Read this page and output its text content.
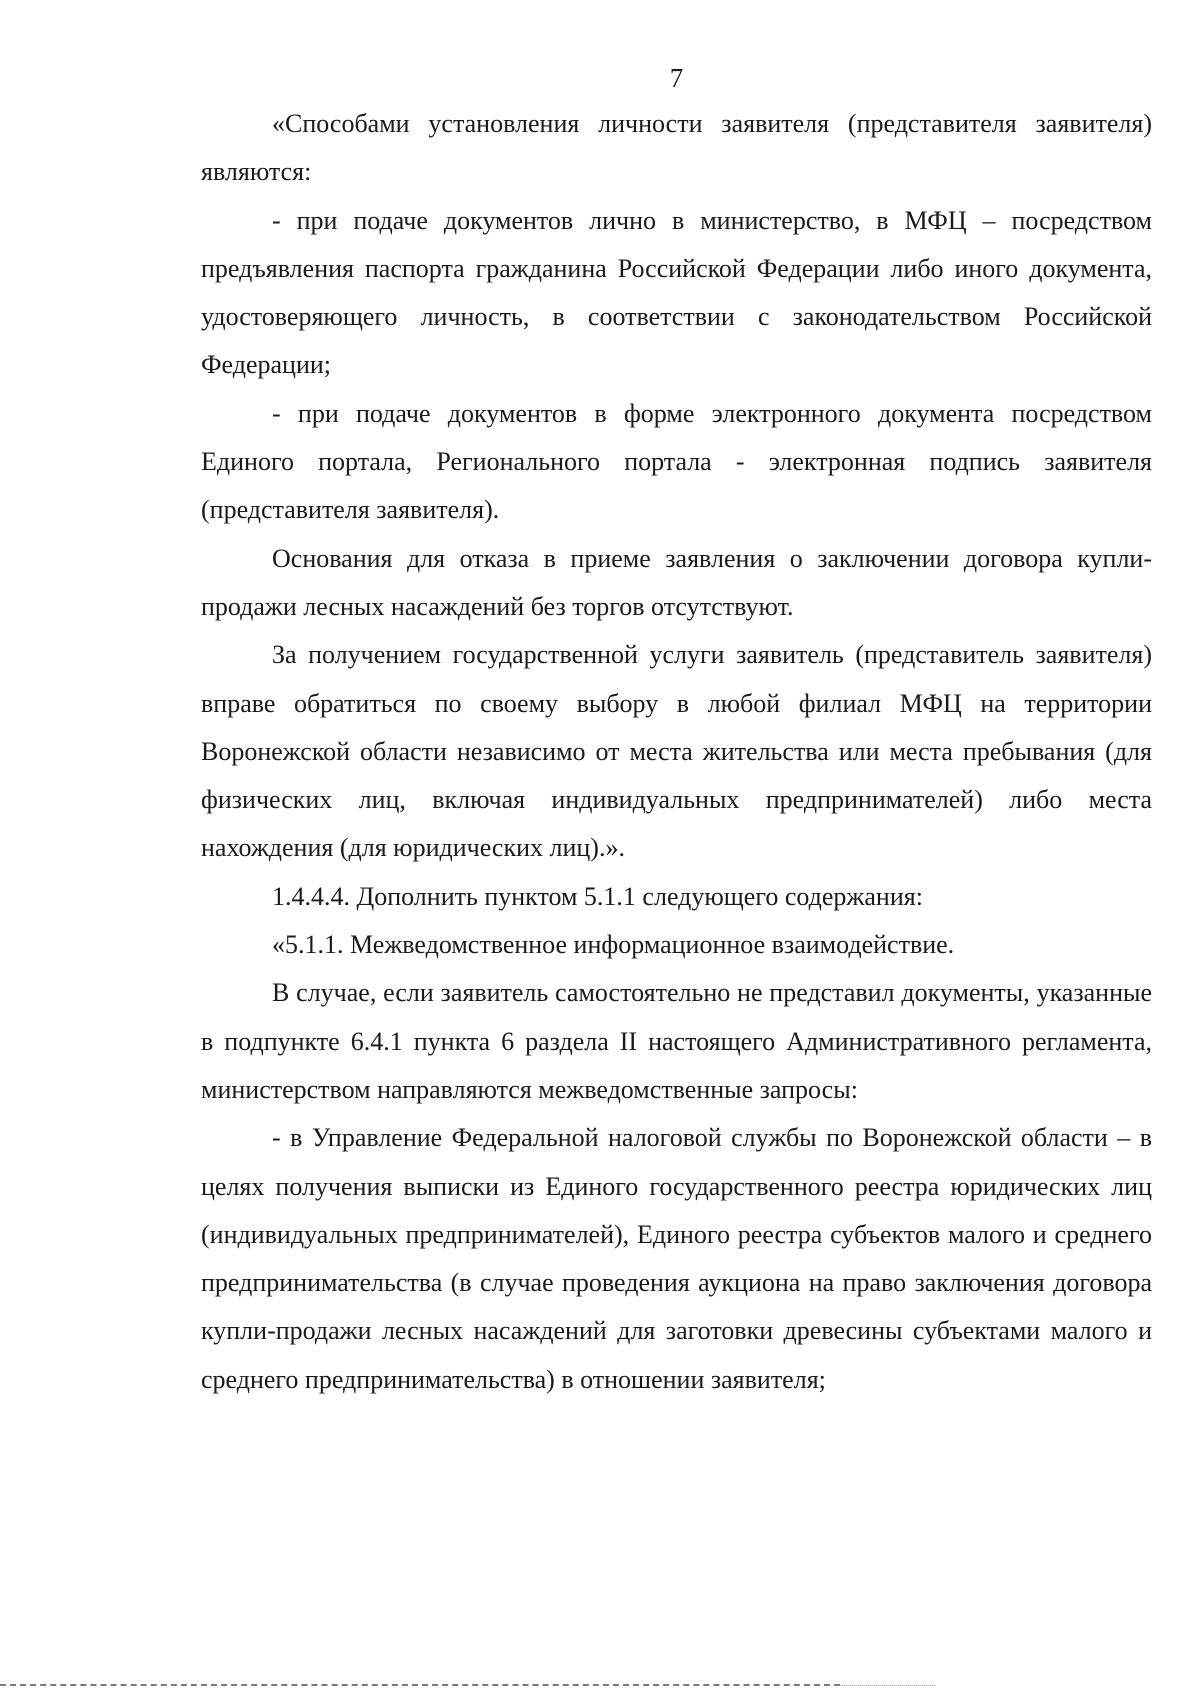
7

«Способами установления личности заявителя (представителя заявителя) являются:

- при подаче документов лично в министерство, в МФЦ – посредством предъявления паспорта гражданина Российской Федерации либо иного документа, удостоверяющего личность, в соответствии с законодательством Российской Федерации;

- при подаче документов в форме электронного документа посредством Единого портала, Регионального портала - электронная подпись заявителя (представителя заявителя).

Основания для отказа в приеме заявления о заключении договора купли-продажи лесных насаждений без торгов отсутствуют.

За получением государственной услуги заявитель (представитель заявителя) вправе обратиться по своему выбору в любой филиал МФЦ на территории Воронежской области независимо от места жительства или места пребывания (для физических лиц, включая индивидуальных предпринимателей) либо места нахождения (для юридических лиц).».

1.4.4.4. Дополнить пунктом 5.1.1 следующего содержания:

«5.1.1. Межведомственное информационное взаимодействие.

В случае, если заявитель самостоятельно не представил документы, указанные в подпункте 6.4.1 пункта 6 раздела II настоящего Административного регламента, министерством направляются межведомственные запросы:

- в Управление Федеральной налоговой службы по Воронежской области – в целях получения выписки из Единого государственного реестра юридических лиц (индивидуальных предпринимателей), Единого реестра субъектов малого и среднего предпринимательства (в случае проведения аукциона на право заключения договора купли-продажи лесных насаждений для заготовки древесины субъектами малого и среднего предпринимательства) в отношении заявителя;
